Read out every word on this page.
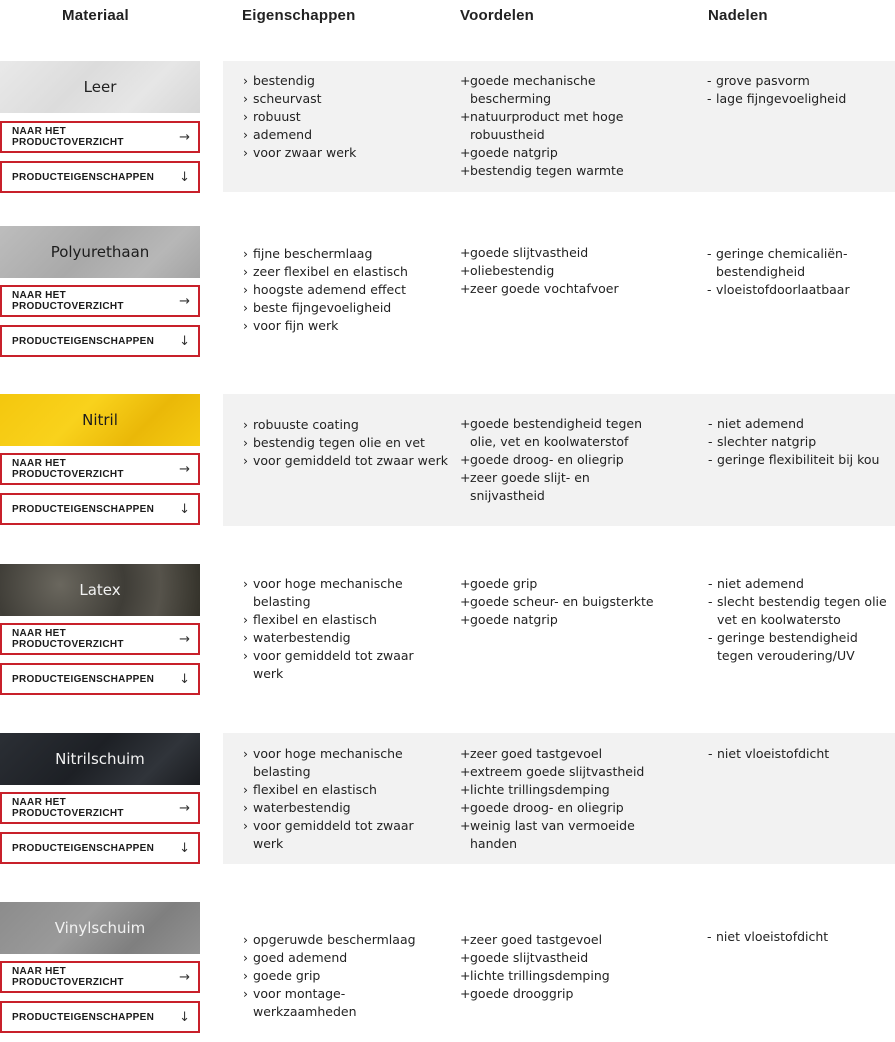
Materiaal	Eigenschappen	Voordelen	Nadelen
Leer
NAAR HET PRODUCTOVERZICHT	→
PRODUCTEIGENSCHAPPEN ↓
› bestendig
› scheurvast
› robuust
› ademend
› voor zwaar werk
+ goede mechanische bescherming
+ natuurproduct met hoge robuustheid
+ goede natgrip
+ bestendig tegen warmte
- grove pasvorm
- lage fijngevoeligheid
Polyurethaan
NAAR HET PRODUCTOVERZICHT	→
PRODUCTEIGENSCHAPPEN ↓
› fijne beschermlaag
› zeer flexibel en elastisch
› hoogste ademend effect
› beste fijngevoeligheid
› voor fijn werk
+ goede slijtvastheid
+ oliebestendig
+ zeer goede vochtafvoer
- geringe chemicaliën-bestendigheid
- vloeistofdoorlaatbaar
Nitril
NAAR HET PRODUCTOVERZICHT	→
PRODUCTEIGENSCHAPPEN ↓
› robuuste coating
› bestendig tegen olie en vet
› voor gemiddeld tot zwaar werk
+ goede bestendigheid tegen olie, vet en koolwaterstof
+ goede droog- en oliegrip
+ zeer goede slijt- en snijvastheid
- niet ademend
- slechter natgrip
- geringe flexibiliteit bij kou
Latex
NAAR HET PRODUCTOVERZICHT	→
PRODUCTEIGENSCHAPPEN ↓
› voor hoge mechanische belasting
› flexibel en elastisch
› waterbestendig
› voor gemiddeld tot zwaar werk
+ goede grip
+ goede scheur- en buigsterkte
+ goede natgrip
- niet ademend
- slecht bestendig tegen olie vet en koolwatersto
- geringe bestendigheid tegen veroudering/UV
Nitrilschuim
NAAR HET PRODUCTOVERZICHT	→
PRODUCTEIGENSCHAPPEN ↓
› voor hoge mechanische belasting
› flexibel en elastisch
› waterbestendig
› voor gemiddeld tot zwaar werk
+ zeer goed tastgevoel
+ extreem goede slijtvastheid
+ lichte trillingsdemping
+ goede droog- en oliegrip
+ weinig last van vermoeide handen
- niet vloeistofdicht
Vinylschuim
NAAR HET PRODUCTOVERZICHT	→
PRODUCTEIGENSCHAPPEN ↓
› opgeruwde beschermlaag
› goed ademend
› goede grip
› voor montage-werkzaamheden
+ zeer goed tastgevoel
+ goede slijtvastheid
+ lichte trillingsdemping
+ goede drooggrip
- niet vloeistofdicht
